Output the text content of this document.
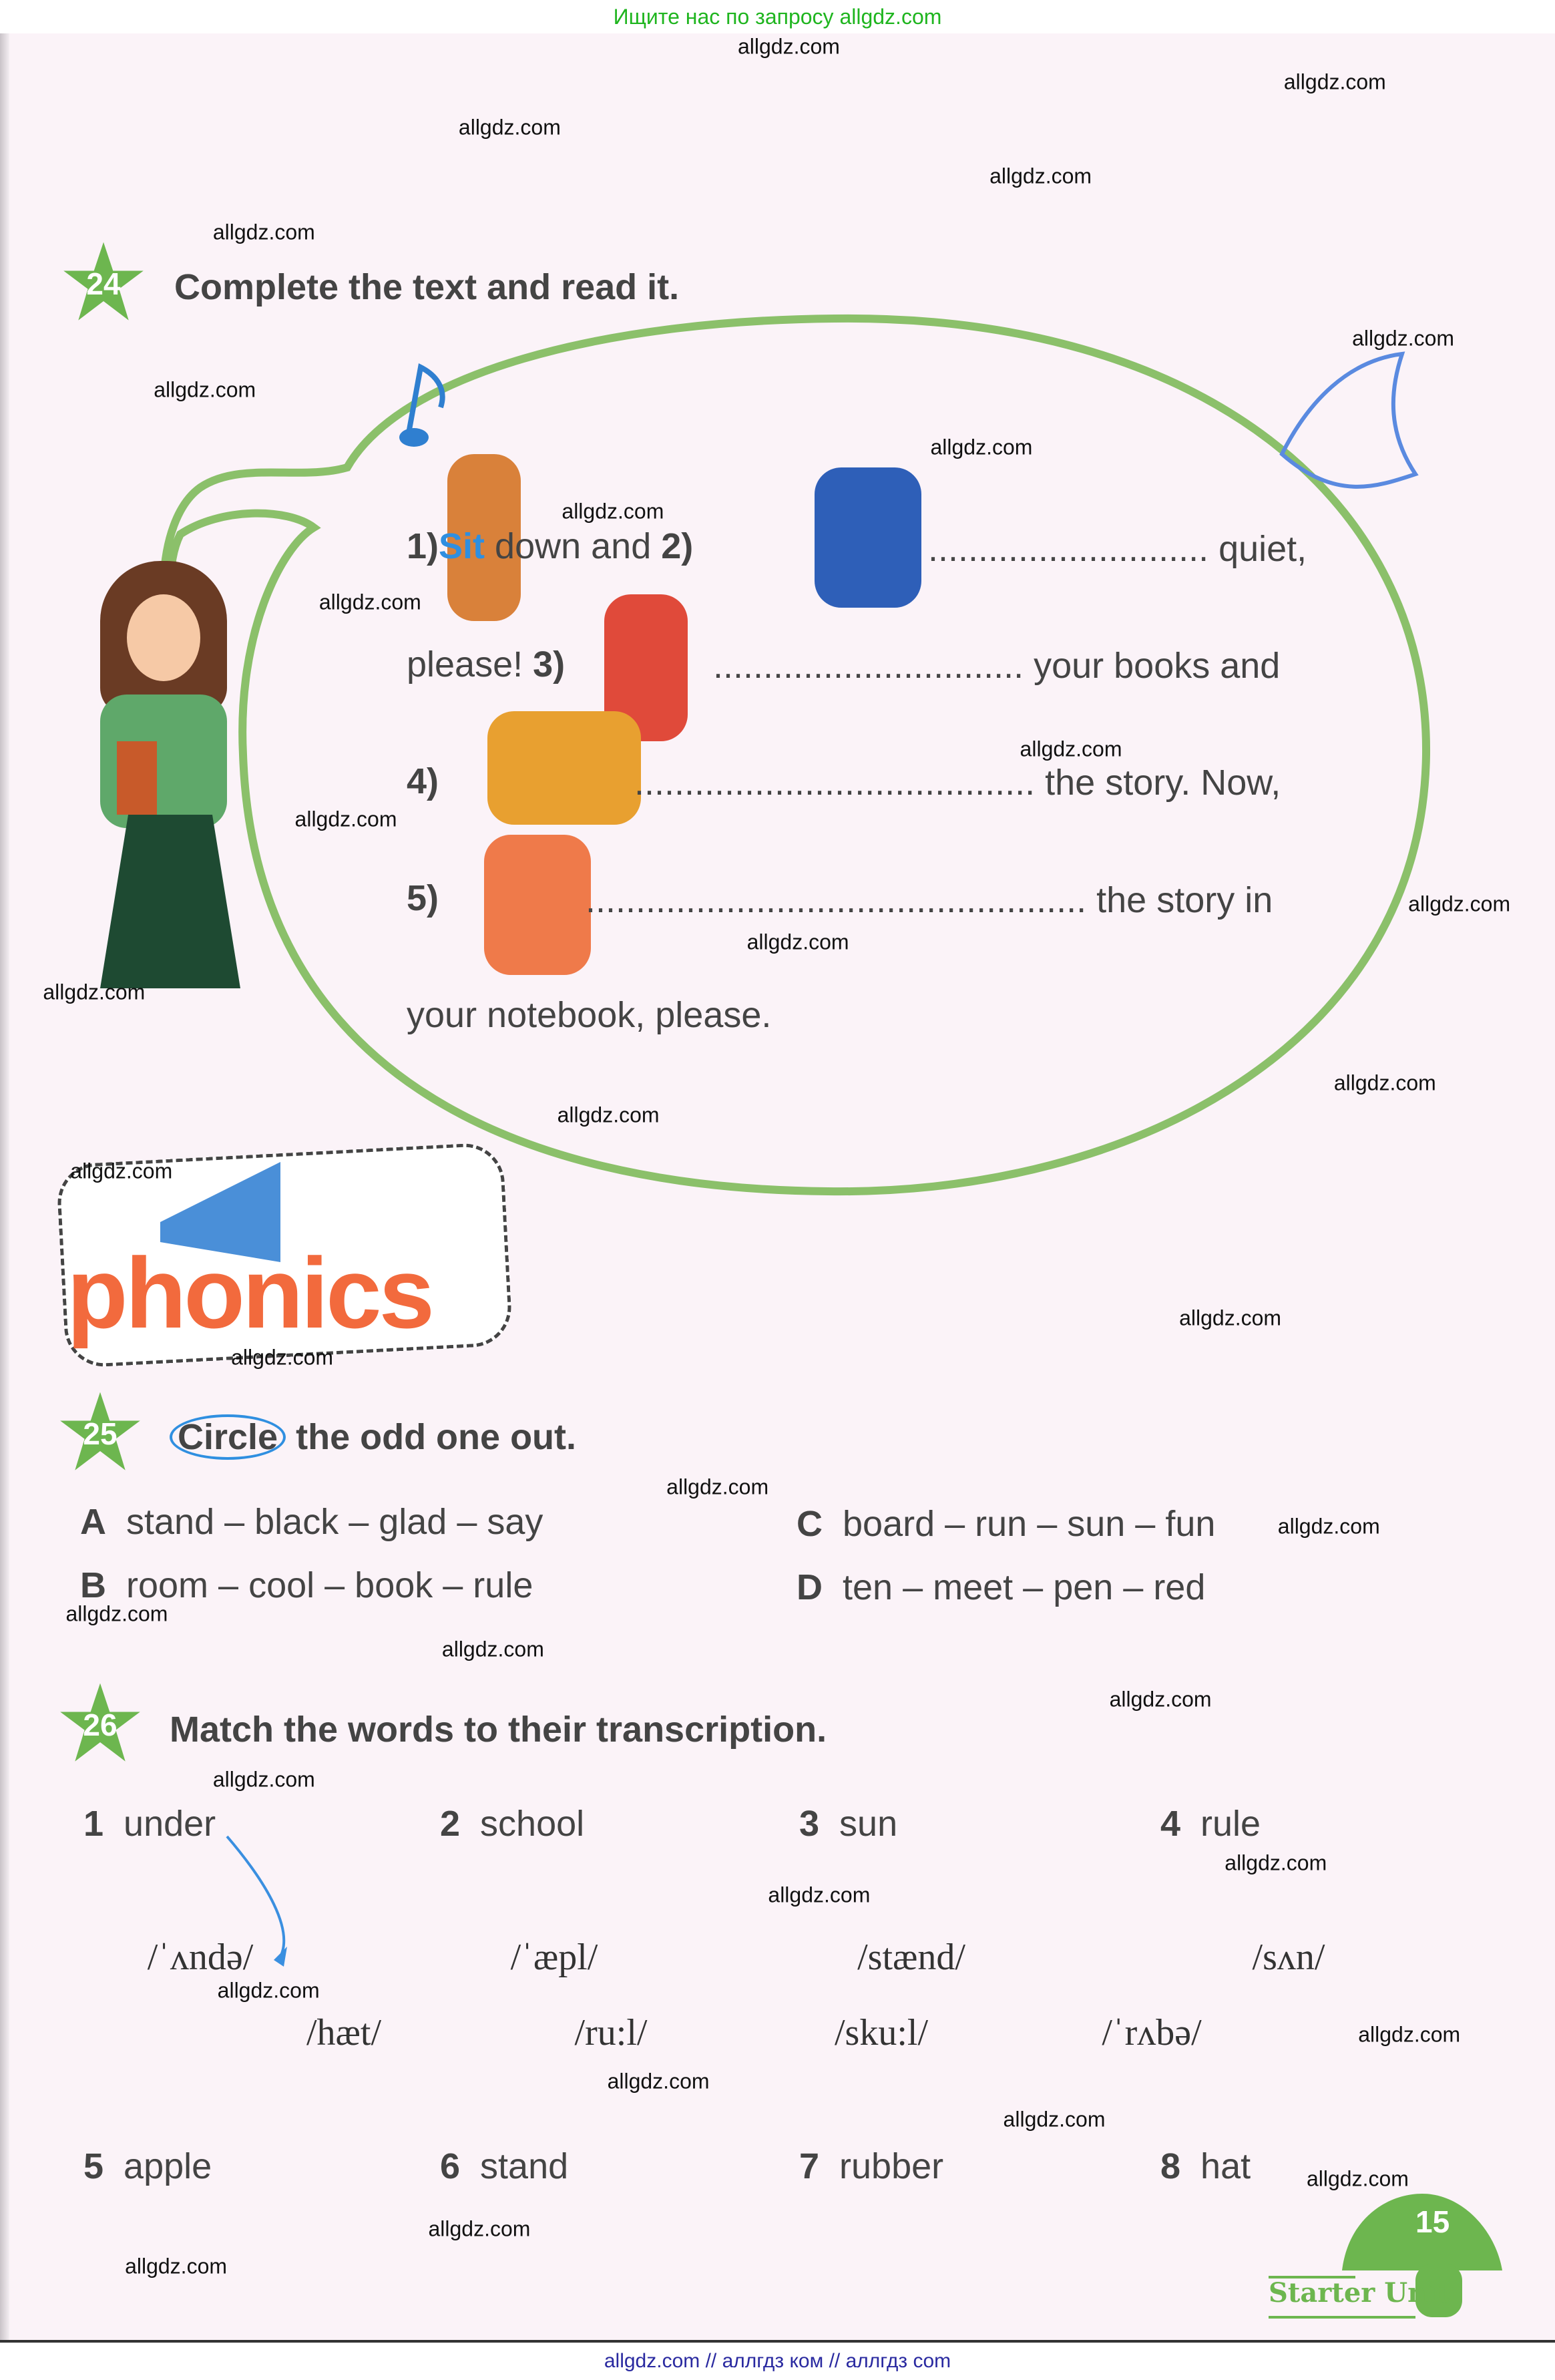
Ищите нас по запросу allgdz.com
24	Complete the text and read it.
1)Sit down and 2)	............................ quiet,
please! 3)	............................... your books and
4)	........................................ the story. Now,
5)	.................................................. the story in
your notebook, please.
phonics
25	Circle the odd one out.
A stand – black – glad – say
B room – cool – book – rule
C board – run – sun – fun
D ten – meet – pen – red
26	Match the words to their transcription.
1 under	2 school	3 sun	4 rule
5 apple	6 stand	7 rubber	8 hat
/ˈʌndə/	/ˈæpl/	/stænd/	/sʌn/
/hæt/	/ru:l/	/sku:l/	/ˈrʌbə/
15
Starter Unit
allgdz.com
allgdz.com
allgdz.com
allgdz.com
allgdz.com
allgdz.com
allgdz.com
allgdz.com
allgdz.com
allgdz.com
allgdz.com
allgdz.com
allgdz.com
allgdz.com
allgdz.com
allgdz.com
allgdz.com
allgdz.com
allgdz.com
allgdz.com
allgdz.com
allgdz.com
allgdz.com
allgdz.com
allgdz.com
allgdz.com
allgdz.com
allgdz.com
allgdz.com
allgdz.com
allgdz.com
allgdz.com
allgdz.com
allgdz.com
allgdz.com
allgdz.com // аллгдз ком // аллгдз com
